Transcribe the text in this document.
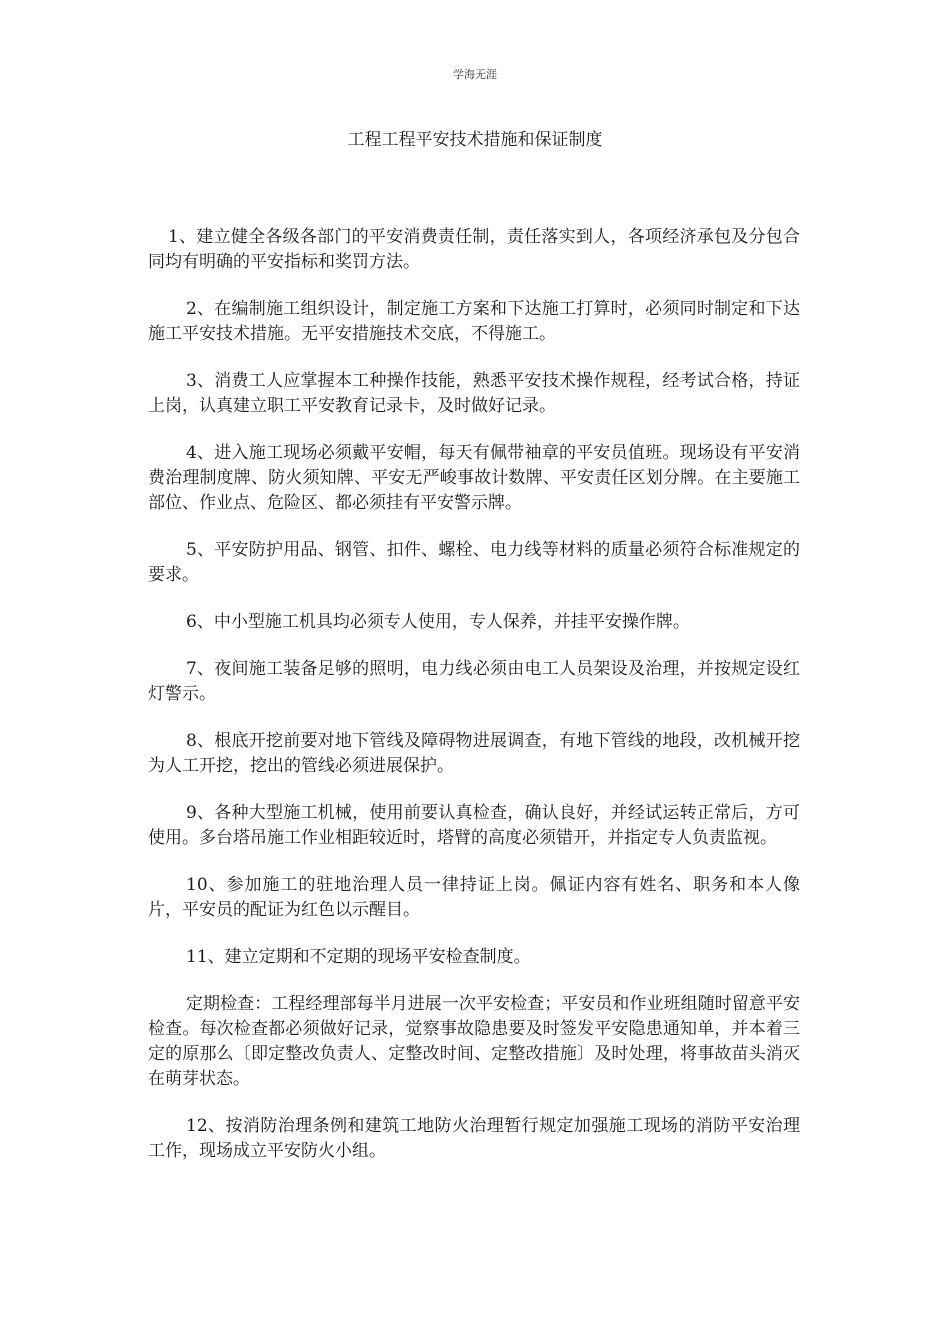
学海无涯
工程工程平安技术措施和保证制度

1、建立健全各级各部门的平安消费责任制，责任落实到人，各项经济承包及分包合同均有明确的平安指标和奖罚方法。

2、在编制施工组织设计，制定施工方案和下达施工打算时，必须同时制定和下达施工平安技术措施。无平安措施技术交底，不得施工。

3、消费工人应掌握本工种操作技能，熟悉平安技术操作规程，经考试合格，持证上岗，认真建立职工平安教育记录卡，及时做好记录。

4、进入施工现场必须戴平安帽，每天有佩带袖章的平安员值班。现场设有平安消费治理制度牌、防火须知牌、平安无严峻事故计数牌、平安责任区划分牌。在主要施工部位、作业点、危险区、都必须挂有平安警示牌。

5、平安防护用品、钢管、扣件、螺栓、电力线等材料的质量必须符合标准规定的要求。

6、中小型施工机具均必须专人使用，专人保养，并挂平安操作牌。

7、夜间施工装备足够的照明，电力线必须由电工人员架设及治理，并按规定设红灯警示。

8、根底开挖前要对地下管线及障碍物进展调查，有地下管线的地段，改机械开挖为人工开挖，挖出的管线必须进展保护。

9、各种大型施工机械，使用前要认真检查，确认良好，并经试运转正常后，方可使用。多台塔吊施工作业相距较近时，塔臂的高度必须错开，并指定专人负责监视。

10、参加施工的驻地治理人员一律持证上岗。佩证内容有姓名、职务和本人像片，平安员的配证为红色以示醒目。

11、建立定期和不定期的现场平安检查制度。

定期检查：工程经理部每半月进展一次平安检查；平安员和作业班组随时留意平安检查。每次检查都必须做好记录，觉察事故隐患要及时签发平安隐患通知单，并本着三定的原那么〔即定整改负责人、定整改时间、定整改措施〕及时处理，将事故苗头消灭在萌芽状态。

12、按消防治理条例和建筑工地防火治理暂行规定加强施工现场的消防平安治理工作，现场成立平安防火小组。
